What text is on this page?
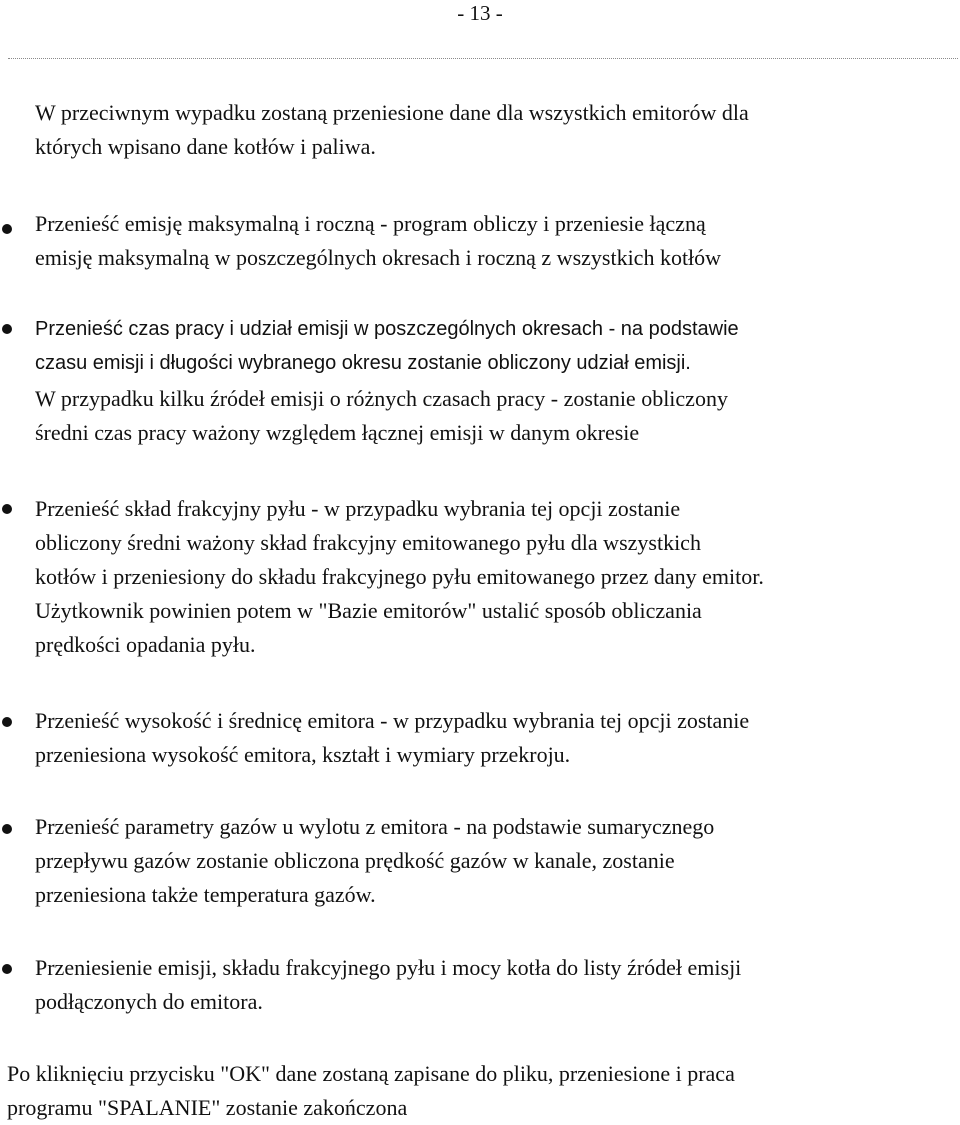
- 13 -

W przeciwnym wypadku zostaną przeniesione dane dla wszystkich emitorów dla
których wpisano dane kotłów i paliwa.

Przenieść emisję maksymalną i roczną - program obliczy i przeniesie łączną
emisję maksymalną w poszczególnych okresach i roczną z wszystkich kotłów

Przenieść czas pracy i udział emisji w poszczególnych okresach - na podstawie
czasu emisji i długości wybranego okresu zostanie obliczony udział emisji.

W przypadku kilku źródeł emisji o różnych czasach pracy - zostanie obliczony
średni czas pracy ważony względem łącznej emisji w danym okresie

Przenieść skład frakcyjny pyłu - w przypadku wybrania tej opcji zostanie
obliczony średni ważony skład frakcyjny emitowanego pyłu dla wszystkich
kotłów i przeniesiony do składu frakcyjnego pyłu emitowanego przez dany emitor.
Użytkownik powinien potem w "Bazie emitorów" ustalić sposób obliczania
prędkości opadania pyłu.

Przenieść wysokość i średnicę emitora - w przypadku wybrania tej opcji zostanie
przeniesiona wysokość emitora, kształt i wymiary przekroju.

Przenieść parametry gazów u wylotu z emitora - na podstawie sumarycznego
przepływu gazów zostanie obliczona prędkość gazów w kanale, zostanie
przeniesiona także temperatura gazów.

Przeniesienie emisji, składu frakcyjnego pyłu i mocy kotła do listy źródeł emisji
podłączonych do emitora.

Po kliknięciu przycisku "OK" dane zostaną zapisane do pliku, przeniesione i praca
programu "SPALANIE" zostanie zakończona
